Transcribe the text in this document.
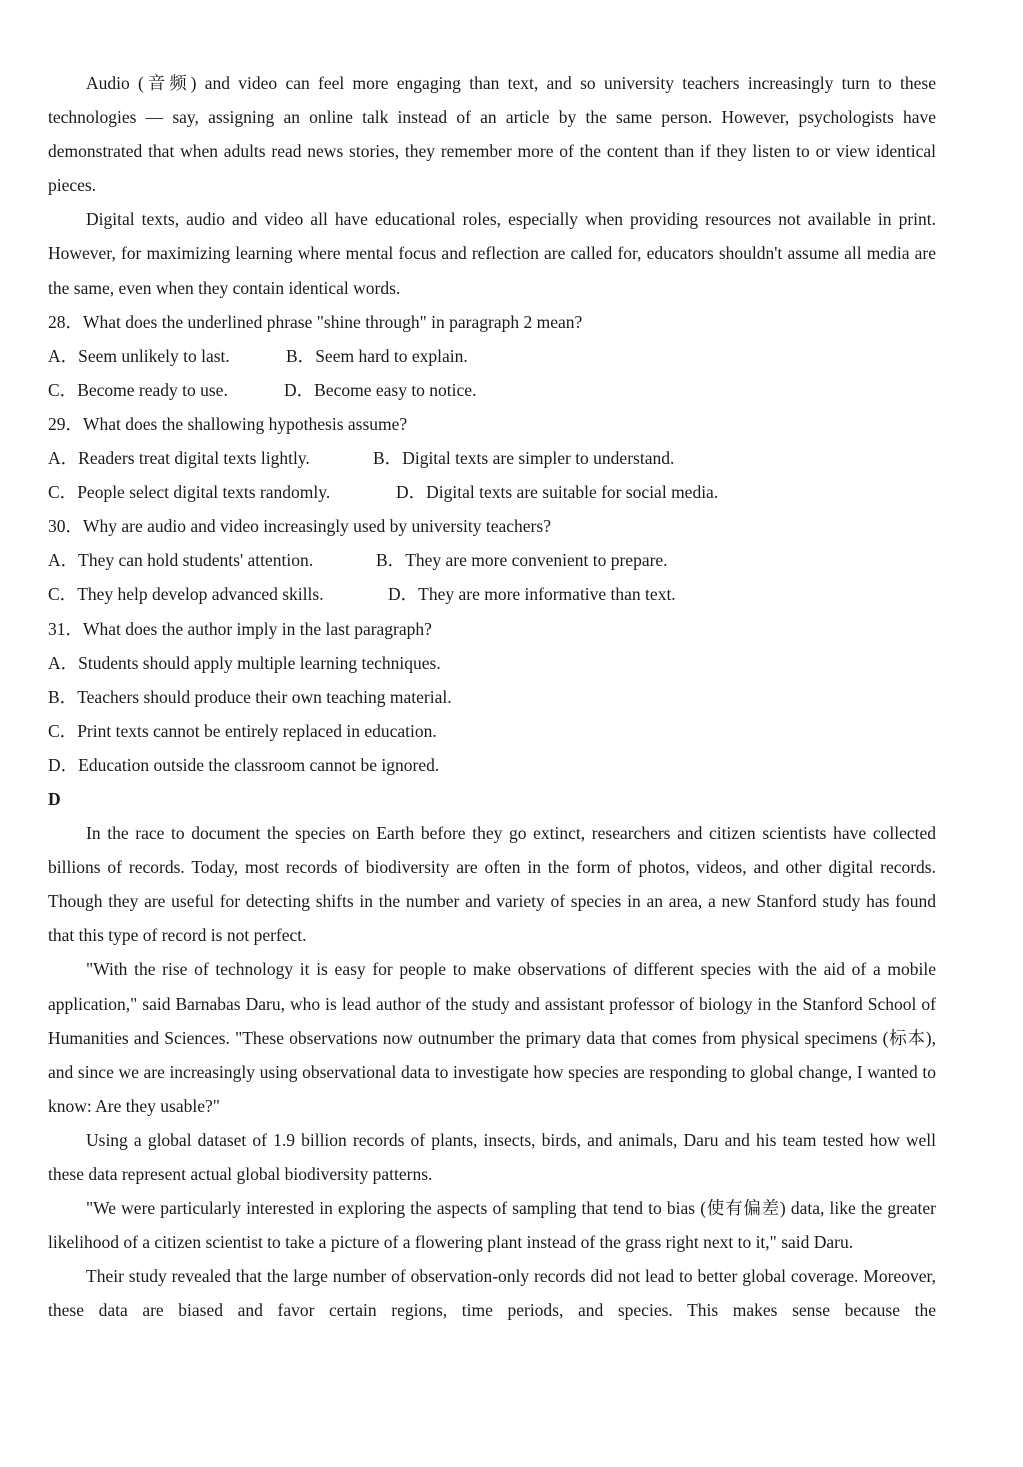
Audio (音频) and video can feel more engaging than text, and so university teachers increasingly turn to these technologies — say, assigning an online talk instead of an article by the same person. However, psychologists have demonstrated that when adults read news stories, they remember more of the content than if they listen to or view identical pieces.

Digital texts, audio and video all have educational roles, especially when providing resources not available in print. However, for maximizing learning where mental focus and reflection are called for, educators shouldn't assume all media are the same, even when they contain identical words.

28． What does the underlined phrase "shine through" in paragraph 2 mean?
A．Seem unlikely to last.	B．Seem hard to explain.
C．Become ready to use.	D．Become easy to notice.
29． What does the shallowing hypothesis assume?
A．Readers treat digital texts lightly.	B．Digital texts are simpler to understand.
C．People select digital texts randomly.	D．Digital texts are suitable for social media.
30． Why are audio and video increasingly used by university teachers?
A．They can hold students' attention.	B．They are more convenient to prepare.
C．They help develop advanced skills.	D．They are more informative than text.
31． What does the author imply in the last paragraph?
A．Students should apply multiple learning techniques.
B．Teachers should produce their own teaching material.
C．Print texts cannot be entirely replaced in education.
D．Education outside the classroom cannot be ignored.

D

In the race to document the species on Earth before they go extinct, researchers and citizen scientists have collected billions of records. Today, most records of biodiversity are often in the form of photos, videos, and other digital records. Though they are useful for detecting shifts in the number and variety of species in an area, a new Stanford study has found that this type of record is not perfect.

"With the rise of technology it is easy for people to make observations of different species with the aid of a mobile application," said Barnabas Daru, who is lead author of the study and assistant professor of biology in the Stanford School of Humanities and Sciences. "These observations now outnumber the primary data that comes from physical specimens (标本), and since we are increasingly using observational data to investigate how species are responding to global change, I wanted to know: Are they usable?"

Using a global dataset of 1.9 billion records of plants, insects, birds, and animals, Daru and his team tested how well these data represent actual global biodiversity patterns.

"We were particularly interested in exploring the aspects of sampling that tend to bias (使有偏差) data, like the greater likelihood of a citizen scientist to take a picture of a flowering plant instead of the grass right next to it," said Daru.

Their study revealed that the large number of observation-only records did not lead to better global coverage. Moreover, these data are biased and favor certain regions, time periods, and species. This makes sense because the
